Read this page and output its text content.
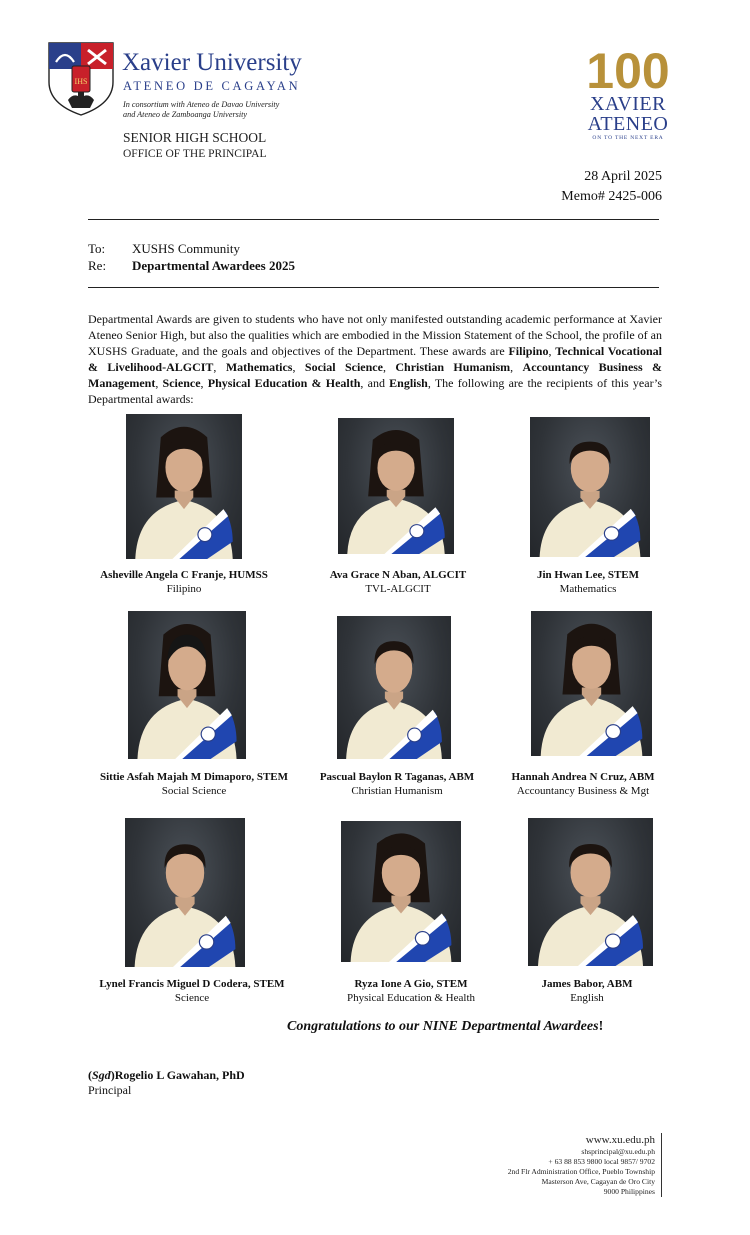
IHS
Xavier University
ATENEO DE CAGAYAN
In consortium with Ateneo de Davao University
and Ateneo de Zamboanga University
SENIOR HIGH SCHOOL
OFFICE OF THE PRINCIPAL
100
XAVIER
ATENEO
ON TO THE NEXT ERA
28 April 2025
Memo# 2425-006
To: XUSHS Community
Re: Departmental Awardees 2025
Departmental Awards are given to students who have not only manifested outstanding academic performance at Xavier Ateneo Senior High, but also the qualities which are embodied in the Mission Statement of the School, the profile of an XUSHS Graduate, and the goals and objectives of the Department. These awards are Filipino, Technical Vocational & Livelihood-ALGCIT, Mathematics, Social Science, Christian Humanism, Accountancy Business & Management, Science, Physical Education & Health, and English, The following are the recipients of this year’s Departmental awards:
Asheville Angela C Franje, HUMSS
Filipino
Ava Grace N Aban, ALGCIT
TVL-ALGCIT
Jin Hwan Lee, STEM
Mathematics
Sittie Asfah Majah M Dimaporo, STEM
Social Science
Pascual Baylon R Taganas, ABM
Christian Humanism
Hannah Andrea N Cruz, ABM
Accountancy Business & Mgt
Lynel Francis Miguel D Codera, STEM
Science
Ryza Ione A Gio, STEM
Physical Education & Health
James Babor, ABM
English
Congratulations to our NINE Departmental Awardees!
(Sgd)Rogelio L Gawahan, PhD
Principal
www.xu.edu.ph
shsprincipal@xu.edu.ph
+ 63 88 853 9800 local 9857/ 9702
2nd Flr Administration Office, Pueblo Township
Masterson Ave, Cagayan de Oro City
9000 Philippines
